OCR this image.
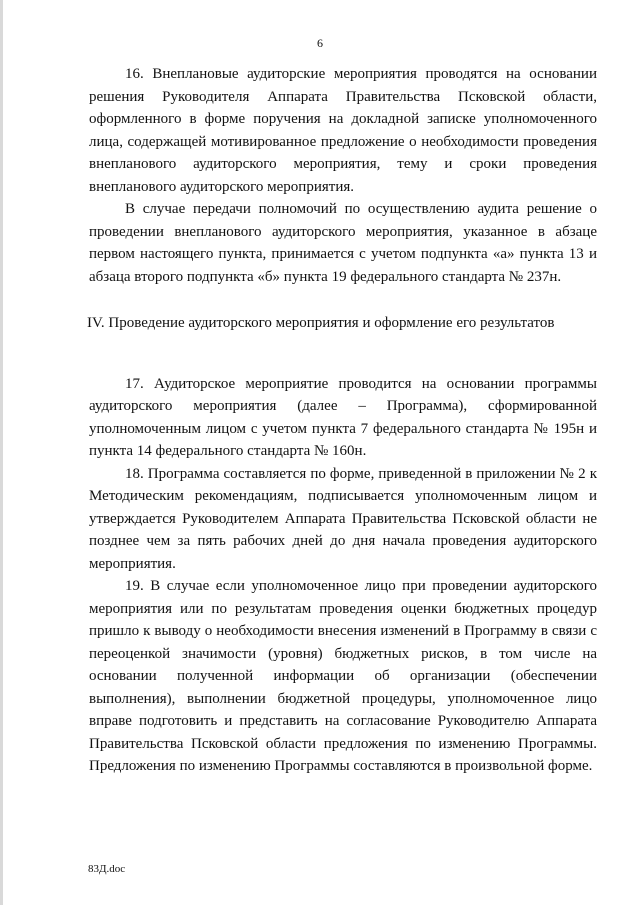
6

16. Внеплановые аудиторские мероприятия проводятся на основании решения Руководителя Аппарата Правительства Псковской области, оформленного в форме поручения на докладной записке уполномоченного лица, содержащей мотивированное предложение о необходимости проведения внепланового аудиторского мероприятия, тему и сроки проведения внепланового аудиторского мероприятия.

В случае передачи полномочий по осуществлению аудита решение о проведении внепланового аудиторского мероприятия, указанное в абзаце первом настоящего пункта, принимается с учетом подпункта «а» пункта 13 и абзаца второго подпункта «б» пункта 19 федерального стандарта № 237н.

IV. Проведение аудиторского мероприятия и оформление его результатов

17. Аудиторское мероприятие проводится на основании программы аудиторского мероприятия (далее – Программа), сформированной уполномоченным лицом с учетом пункта 7 федерального стандарта № 195н и пункта 14 федерального стандарта № 160н.

18. Программа составляется по форме, приведенной в приложении № 2 к Методическим рекомендациям, подписывается уполномоченным лицом и утверждается Руководителем Аппарата Правительства Псковской области не позднее чем за пять рабочих дней до дня начала проведения аудиторского мероприятия.

19. В случае если уполномоченное лицо при проведении аудиторского мероприятия или по результатам проведения оценки бюджетных процедур пришло к выводу о необходимости внесения изменений в Программу в связи с переоценкой значимости (уровня) бюджетных рисков, в том числе на основании полученной информации об организации (обеспечении выполнения), выполнении бюджетной процедуры, уполномоченное лицо вправе подготовить и представить на согласование Руководителю Аппарата Правительства Псковской области предложения по изменению Программы. Предложения по изменению Программы составляются в произвольной форме.

83Д.doc
